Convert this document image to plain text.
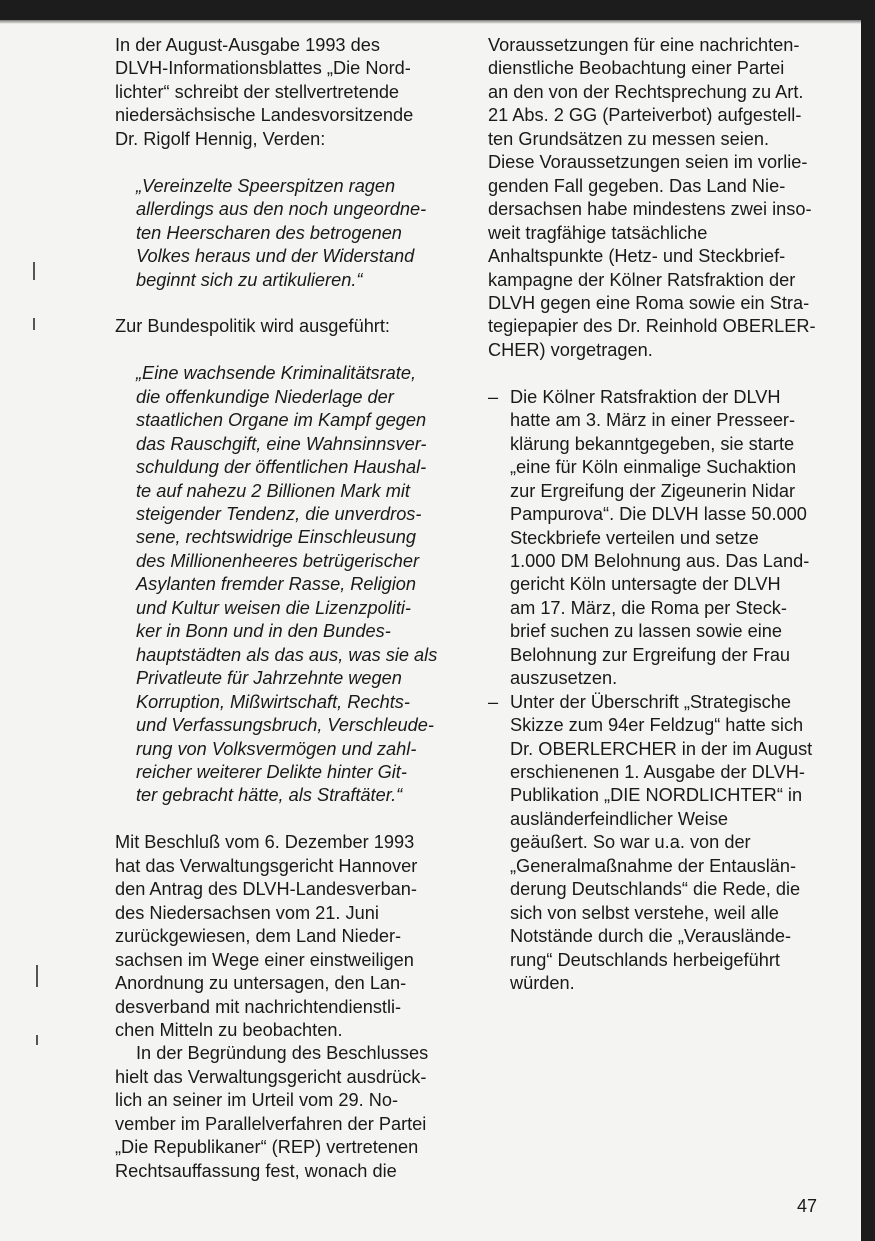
In der August-Ausgabe 1993 des
DLVH-Informationsblattes „Die Nord-
lichter“ schreibt der stellvertretende
niedersächsische Landesvorsitzende
Dr. Rigolf Hennig, Verden:
„Vereinzelte Speerspitzen ragen
allerdings aus den noch ungeordne-
ten Heerscharen des betrogenen
Volkes heraus und der Widerstand
beginnt sich zu artikulieren.“
Zur Bundespolitik wird ausgeführt:
„Eine wachsende Kriminalitätsrate,
die offenkundige Niederlage der
staatlichen Organe im Kampf gegen
das Rauschgift, eine Wahnsinnsver-
schuldung der öffentlichen Haushal-
te auf nahezu 2 Billionen Mark mit
steigender Tendenz, die unverdros-
sene, rechtswidrige Einschleusung
des Millionenheeres betrügerischer
Asylanten fremder Rasse, Religion
und Kultur weisen die Lizenzpoliti-
ker in Bonn und in den Bundes-
hauptstädten als das aus, was sie als
Privatleute für Jahrzehnte wegen
Korruption, Mißwirtschaft, Rechts-
und Verfassungsbruch, Verschleude-
rung von Volksvermögen und zahl-
reicher weiterer Delikte hinter Git-
ter gebracht hätte, als Straftäter.“
Mit Beschluß vom 6. Dezember 1993
hat das Verwaltungsgericht Hannover
den Antrag des DLVH-Landesverban-
des Niedersachsen vom 21. Juni
zurückgewiesen, dem Land Nieder-
sachsen im Wege einer einstweiligen
Anordnung zu untersagen, den Lan-
desverband mit nachrichtendienstli-
chen Mitteln zu beobachten.
In der Begründung des Beschlusses
hielt das Verwaltungsgericht ausdrück-
lich an seiner im Urteil vom 29. No-
vember im Parallelverfahren der Partei
„Die Republikaner“ (REP) vertretenen
Rechtsauffassung fest, wonach die
Voraussetzungen für eine nachrichten-
dienstliche Beobachtung einer Partei
an den von der Rechtsprechung zu Art.
21 Abs. 2 GG (Parteiverbot) aufgestell-
ten Grundsätzen zu messen seien.
Diese Voraussetzungen seien im vorlie-
genden Fall gegeben. Das Land Nie-
dersachsen habe mindestens zwei inso-
weit tragfähige tatsächliche
Anhaltspunkte (Hetz- und Steckbrief-
kampagne der Kölner Ratsfraktion der
DLVH gegen eine Roma sowie ein Stra-
tegiepapier des Dr. Reinhold OBERLER-
CHER) vorgetragen.
– Die Kölner Ratsfraktion der DLVH
hatte am 3. März in einer Presseer-
klärung bekanntgegeben, sie starte
„eine für Köln einmalige Suchaktion
zur Ergreifung der Zigeunerin Nidar
Pampurova“. Die DLVH lasse 50.000
Steckbriefe verteilen und setze
1.000 DM Belohnung aus. Das Land-
gericht Köln untersagte der DLVH
am 17. März, die Roma per Steck-
brief suchen zu lassen sowie eine
Belohnung zur Ergreifung der Frau
auszusetzen.
– Unter der Überschrift „Strategische
Skizze zum 94er Feldzug“ hatte sich
Dr. OBERLERCHER in der im August
erschienenen 1. Ausgabe der DLVH-
Publikation „DIE NORDLICHTER“ in
ausländerfeindlicher Weise
geäußert. So war u.a. von der
„Generalmaßnahme der Entauslän-
derung Deutschlands“ die Rede, die
sich von selbst verstehe, weil alle
Notstände durch die „Verauslände-
rung“ Deutschlands herbeigeführt
würden.
47
